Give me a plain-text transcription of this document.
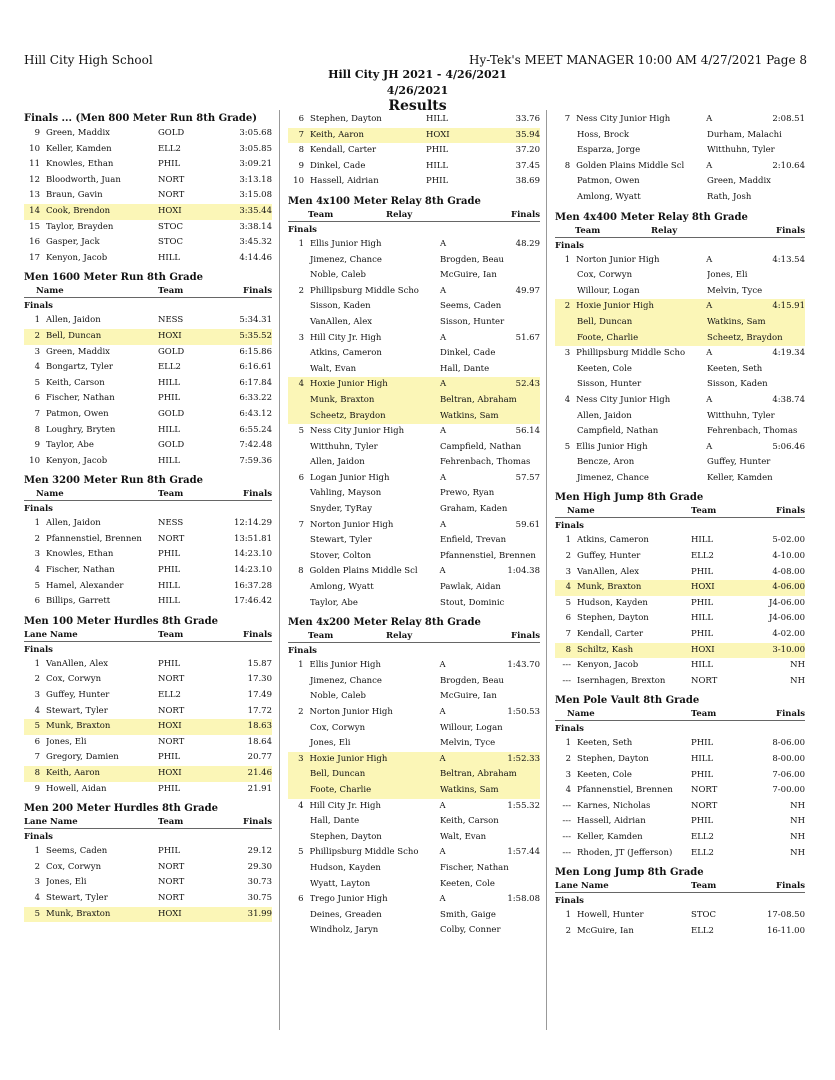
Hill City High School	Hy-Tek's MEET MANAGER 10:00 AM 4/27/2021 Page 8
Hill City JH 2021 - 4/26/2021
4/26/2021
Results
Finals ... (Men 800 Meter Run 8th Grade)
9 Green, Maddix	GOLD	3:05.68
10 Keller, Kamden	ELL2	3:05.85
11 Knowles, Ethan	PHIL	3:09.21
12 Bloodworth, Juan	NORT	3:13.18
13 Braun, Gavin	NORT	3:15.08
14 Cook, Brendon	HOXI	3:35.44
15 Taylor, Brayden	STOC	3:38.14
16 Gasper, Jack	STOC	3:45.32
17 Kenyon, Jacob	HILL	4:14.46
Men 1600 Meter Run 8th Grade
Name	Team	Finals
Finals
1 Allen, Jaidon	NESS	5:34.31
2 Bell, Duncan	HOXI	5:35.52
3 Green, Maddix	GOLD	6:15.86
4 Bongartz, Tyler	ELL2	6:16.61
5 Keith, Carson	HILL	6:17.84
6 Fischer, Nathan	PHIL	6:33.22
7 Patmon, Owen	GOLD	6:43.12
8 Loughry, Bryten	HILL	6:55.24
9 Taylor, Abe	GOLD	7:42.48
10 Kenyon, Jacob	HILL	7:59.36
Men 3200 Meter Run 8th Grade
Name	Team	Finals
Finals
1 Allen, Jaidon	NESS	12:14.29
2 Pfannenstiel, Brennen	NORT	13:51.81
3 Knowles, Ethan	PHIL	14:23.10
4 Fischer, Nathan	PHIL	14:23.10
5 Hamel, Alexander	HILL	16:37.28
6 Billips, Garrett	HILL	17:46.42
Men 100 Meter Hurdles 8th Grade
Lane Name	Team	Finals
Finals
1 VanAllen, Alex	PHIL	15.87
2 Cox, Corwyn	NORT	17.30
3 Guffey, Hunter	ELL2	17.49
4 Stewart, Tyler	NORT	17.72
5 Munk, Braxton	HOXI	18.63
6 Jones, Eli	NORT	18.64
7 Gregory, Damien	PHIL	20.77
8 Keith, Aaron	HOXI	21.46
9 Howell, Aidan	PHIL	21.91
Men 200 Meter Hurdles 8th Grade
Lane Name	Team	Finals
Finals
1 Seems, Caden	PHIL	29.12
2 Cox, Corwyn	NORT	29.30
3 Jones, Eli	NORT	30.73
4 Stewart, Tyler	NORT	30.75
5 Munk, Braxton	HOXI	31.99
6 Stephen, Dayton	HILL	33.76
7 Keith, Aaron	HOXI	35.94
8 Kendall, Carter	PHIL	37.20
9 Dinkel, Cade	HILL	37.45
10 Hassell, Aidrian	PHIL	38.69
Men 4x100 Meter Relay 8th Grade
Team	Relay	Finals
Finals
1 Ellis Junior High	A	48.29
Jimenez, Chance	Brogden, Beau
Noble, Caleb	McGuire, Ian
2 Phillipsburg Middle Scho	A	49.97
Sisson, Kaden	Seems, Caden
VanAllen, Alex	Sisson, Hunter
3 Hill City Jr. High	A	51.67
Atkins, Cameron	Dinkel, Cade
Walt, Evan	Hall, Dante
4 Hoxie Junior High	A	52.43
Munk, Braxton	Beltran, Abraham
Scheetz, Braydon	Watkins, Sam
5 Ness City Junior High	A	56.14
Witthuhn, Tyler	Campfield, Nathan
Allen, Jaidon	Fehrenbach, Thomas
6 Logan Junior High	A	57.57
Vahling, Mayson	Prewo, Ryan
Snyder, TyRay	Graham, Kaden
7 Norton Junior High	A	59.61
Stewart, Tyler	Enfield, Trevan
Stover, Colton	Pfannenstiel, Brennen
8 Golden Plains Middle Scl	A	1:04.38
Amlong, Wyatt	Pawlak, Aidan
Taylor, Abe	Stout, Dominic
Men 4x200 Meter Relay 8th Grade
Team	Relay	Finals
Finals
1 Ellis Junior High	A	1:43.70
Jimenez, Chance	Brogden, Beau
Noble, Caleb	McGuire, Ian
2 Norton Junior High	A	1:50.53
Cox, Corwyn	Willour, Logan
Jones, Eli	Melvin, Tyce
3 Hoxie Junior High	A	1:52.33
Bell, Duncan	Beltran, Abraham
Foote, Charlie	Watkins, Sam
4 Hill City Jr. High	A	1:55.32
Hall, Dante	Keith, Carson
Stephen, Dayton	Walt, Evan
5 Phillipsburg Middle Scho	A	1:57.44
Hudson, Kayden	Fischer, Nathan
Wyatt, Layton	Keeten, Cole
6 Trego Junior High	A	1:58.08
Deines, Greaden	Smith, Gaige
Windholz, Jaryn	Colby, Conner
7 Ness City Junior High	A	2:08.51
Hoss, Brock	Durham, Malachi
Esparza, Jorge	Witthuhn, Tyler
8 Golden Plains Middle Scl	A	2:10.64
Patmon, Owen	Green, Maddix
Amlong, Wyatt	Rath, Josh
Men 4x400 Meter Relay 8th Grade
Team	Relay	Finals
Finals
1 Norton Junior High	A	4:13.54
Cox, Corwyn	Jones, Eli
Willour, Logan	Melvin, Tyce
2 Hoxie Junior High	A	4:15.91
Bell, Duncan	Watkins, Sam
Foote, Charlie	Scheetz, Braydon
3 Phillipsburg Middle Scho	A	4:19.34
Keeten, Cole	Keeten, Seth
Sisson, Hunter	Sisson, Kaden
4 Ness City Junior High	A	4:38.74
Allen, Jaidon	Witthuhn, Tyler
Campfield, Nathan	Fehrenbach, Thomas
5 Ellis Junior High	A	5:06.46
Bencze, Aron	Guffey, Hunter
Jimenez, Chance	Keller, Kamden
Men High Jump 8th Grade
Name	Team	Finals
Finals
1 Atkins, Cameron	HILL	5-02.00
2 Guffey, Hunter	ELL2	4-10.00
3 VanAllen, Alex	PHIL	4-08.00
4 Munk, Braxton	HOXI	4-06.00
5 Hudson, Kayden	PHIL	J4-06.00
6 Stephen, Dayton	HILL	J4-06.00
7 Kendall, Carter	PHIL	4-02.00
8 Schiltz, Kash	HOXI	3-10.00
--- Kenyon, Jacob	HILL	NH
--- Isernhagen, Brexton	NORT	NH
Men Pole Vault 8th Grade
Name	Team	Finals
Finals
1 Keeten, Seth	PHIL	8-06.00
2 Stephen, Dayton	HILL	8-00.00
3 Keeten, Cole	PHIL	7-06.00
4 Pfannenstiel, Brennen	NORT	7-00.00
--- Karnes, Nicholas	NORT	NH
--- Hassell, Aidrian	PHIL	NH
--- Keller, Kamden	ELL2	NH
--- Rhoden, JT (Jefferson)	ELL2	NH
Men Long Jump 8th Grade
Lane Name	Team	Finals
Finals
1 Howell, Hunter	STOC	17-08.50
2 McGuire, Ian	ELL2	16-11.00
